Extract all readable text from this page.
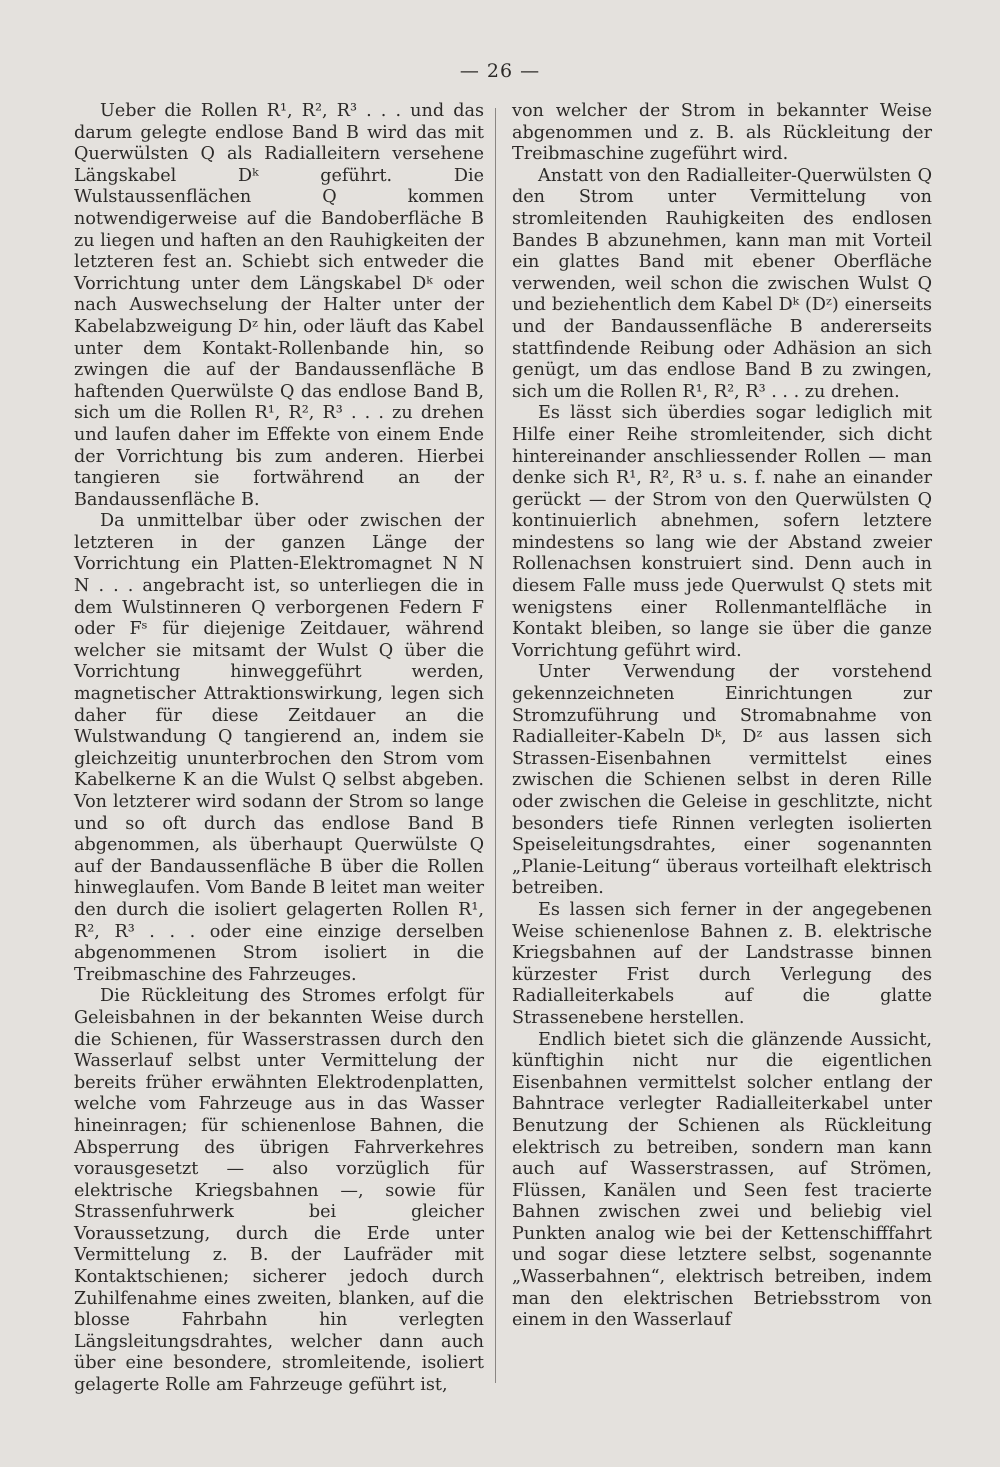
— 26 —

Ueber die Rollen R¹, R², R³ . . . und das darum gelegte endlose Band B wird das mit Querwülsten Q als Radialleitern versehene Längskabel Dᵏ geführt. Die Wulstaussenflächen Q kommen notwendigerweise auf die Bandoberfläche B zu liegen und haften an den Rauhigkeiten der letzteren fest an. Schiebt sich entweder die Vorrichtung unter dem Längskabel Dᵏ oder nach Auswechselung der Halter unter der Kabelabzweigung Dᶻ hin, oder läuft das Kabel unter dem Kontakt-Rollenbande hin, so zwingen die auf der Bandaussenfläche B haftenden Querwülste Q das endlose Band B, sich um die Rollen R¹, R², R³ . . . zu drehen und laufen daher im Effekte von einem Ende der Vorrichtung bis zum anderen. Hierbei tangieren sie fortwährend an der Bandaussenfläche B.

Da unmittelbar über oder zwischen der letzteren in der ganzen Länge der Vorrichtung ein Platten-Elektromagnet N N N . . . angebracht ist, so unterliegen die in dem Wulstinneren Q verborgenen Federn F oder Fˢ für diejenige Zeitdauer, während welcher sie mitsamt der Wulst Q über die Vorrichtung hinweggeführt werden, magnetischer Attraktionswirkung, legen sich daher für diese Zeitdauer an die Wulstwandung Q tangierend an, indem sie gleichzeitig ununterbrochen den Strom vom Kabelkerne K an die Wulst Q selbst abgeben. Von letzterer wird sodann der Strom so lange und so oft durch das endlose Band B abgenommen, als überhaupt Querwülste Q auf der Bandaussenfläche B über die Rollen hinweglaufen. Vom Bande B leitet man weiter den durch die isoliert gelagerten Rollen R¹, R², R³ . . . oder eine einzige derselben abgenommenen Strom isoliert in die Treibmaschine des Fahrzeuges.

Die Rückleitung des Stromes erfolgt für Geleisbahnen in der bekannten Weise durch die Schienen, für Wasserstrassen durch den Wasserlauf selbst unter Vermittelung der bereits früher erwähnten Elektrodenplatten, welche vom Fahrzeuge aus in das Wasser hineinragen; für schienenlose Bahnen, die Absperrung des übrigen Fahrverkehres vorausgesetzt — also vorzüglich für elektrische Kriegsbahnen —, sowie für Strassenfuhrwerk bei gleicher Voraussetzung, durch die Erde unter Vermittelung z. B. der Laufräder mit Kontaktschienen; sicherer jedoch durch Zuhilfenahme eines zweiten, blanken, auf die blosse Fahrbahn hin verlegten Längsleitungsdrahtes, welcher dann auch über eine besondere, stromleitende, isoliert gelagerte Rolle am Fahrzeuge geführt ist,

von welcher der Strom in bekannter Weise abgenommen und z. B. als Rückleitung der Treibmaschine zugeführt wird.

Anstatt von den Radialleiter-Querwülsten Q den Strom unter Vermittelung von stromleitenden Rauhigkeiten des endlosen Bandes B abzunehmen, kann man mit Vorteil ein glattes Band mit ebener Oberfläche verwenden, weil schon die zwischen Wulst Q und beziehentlich dem Kabel Dᵏ (Dᶻ) einerseits und der Bandaussenfläche B andererseits stattfindende Reibung oder Adhäsion an sich genügt, um das endlose Band B zu zwingen, sich um die Rollen R¹, R², R³ . . . zu drehen.

Es lässt sich überdies sogar lediglich mit Hilfe einer Reihe stromleitender, sich dicht hintereinander anschliessender Rollen — man denke sich R¹, R², R³ u. s. f. nahe an einander gerückt — der Strom von den Querwülsten Q kontinuierlich abnehmen, sofern letztere mindestens so lang wie der Abstand zweier Rollenachsen konstruiert sind. Denn auch in diesem Falle muss jede Querwulst Q stets mit wenigstens einer Rollenmantelfläche in Kontakt bleiben, so lange sie über die ganze Vorrichtung geführt wird.

Unter Verwendung der vorstehend gekennzeichneten Einrichtungen zur Stromzuführung und Stromabnahme von Radialleiter-Kabeln Dᵏ, Dᶻ aus lassen sich Strassen-Eisenbahnen vermittelst eines zwischen die Schienen selbst in deren Rille oder zwischen die Geleise in geschlitzte, nicht besonders tiefe Rinnen verlegten isolierten Speiseleitungsdrahtes, einer sogenannten „Planie-Leitung“ überaus vorteilhaft elektrisch betreiben.

Es lassen sich ferner in der angegebenen Weise schienenlose Bahnen z. B. elektrische Kriegsbahnen auf der Landstrasse binnen kürzester Frist durch Verlegung des Radialleiterkabels auf die glatte Strassenebene herstellen.

Endlich bietet sich die glänzende Aussicht, künftighin nicht nur die eigentlichen Eisenbahnen vermittelst solcher entlang der Bahntrace verlegter Radialleiterkabel unter Benutzung der Schienen als Rückleitung elektrisch zu betreiben, sondern man kann auch auf Wasserstrassen, auf Strömen, Flüssen, Kanälen und Seen fest tracierte Bahnen zwischen zwei und beliebig viel Punkten analog wie bei der Kettenschifffahrt und sogar diese letztere selbst, sogenannte „Wasserbahnen“, elektrisch betreiben, indem man den elektrischen Betriebsstrom von einem in den Wasserlauf
